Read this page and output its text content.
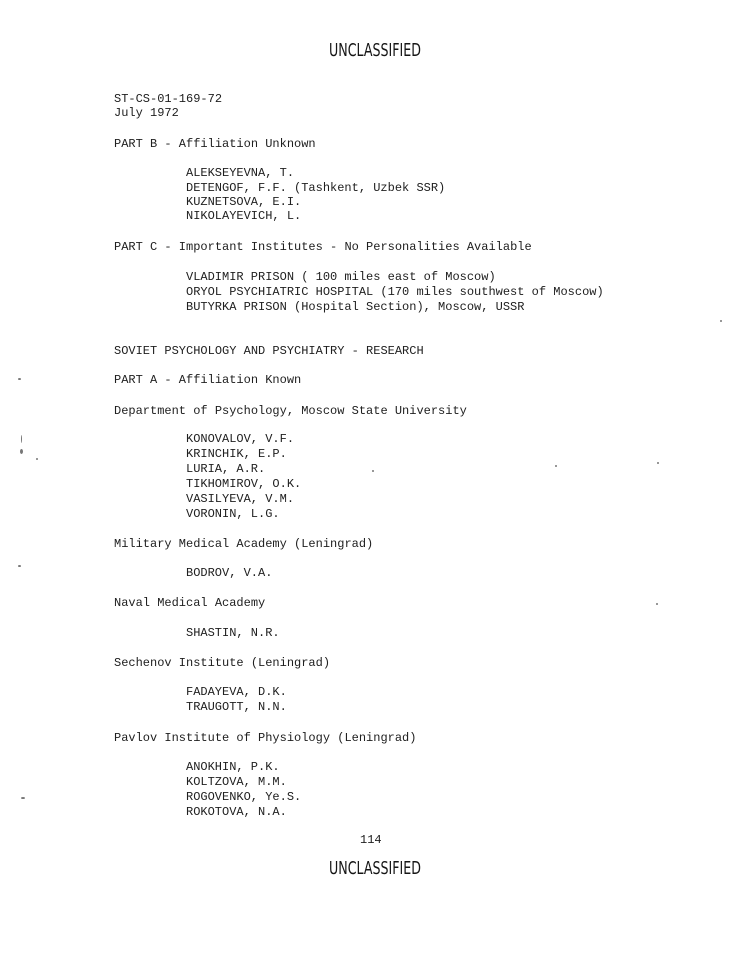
UNCLASSIFIED
ST-CS-01-169-72
July 1972
PART B - Affiliation Unknown
ALEKSEYEVNA, T.
DETENGOF, F.F. (Tashkent, Uzbek SSR)
KUZNETSOVA, E.I.
NIKOLAYEVICH, L.
PART C - Important Institutes - No Personalities Available
VLADIMIR PRISON ( 100 miles east of Moscow)
ORYOL PSYCHIATRIC HOSPITAL (170 miles southwest of Moscow)
BUTYRKA PRISON (Hospital Section), Moscow, USSR
SOVIET PSYCHOLOGY AND PSYCHIATRY - RESEARCH
PART A - Affiliation Known
Department of Psychology, Moscow State University
KONOVALOV, V.F.
KRINCHIK, E.P.
LURIA, A.R.
TIKHOMIROV, O.K.
VASILYEVA, V.M.
VORONIN, L.G.
Military Medical Academy (Leningrad)
BODROV, V.A.
Naval Medical Academy
SHASTIN, N.R.
Sechenov Institute (Leningrad)
FADAYEVA, D.K.
TRAUGOTT, N.N.
Pavlov Institute of Physiology (Leningrad)
ANOKHIN, P.K.
KOLTZOVA, M.M.
ROGOVENKO, Ye.S.
ROKOTOVA, N.A.
114
UNCLASSIFIED
